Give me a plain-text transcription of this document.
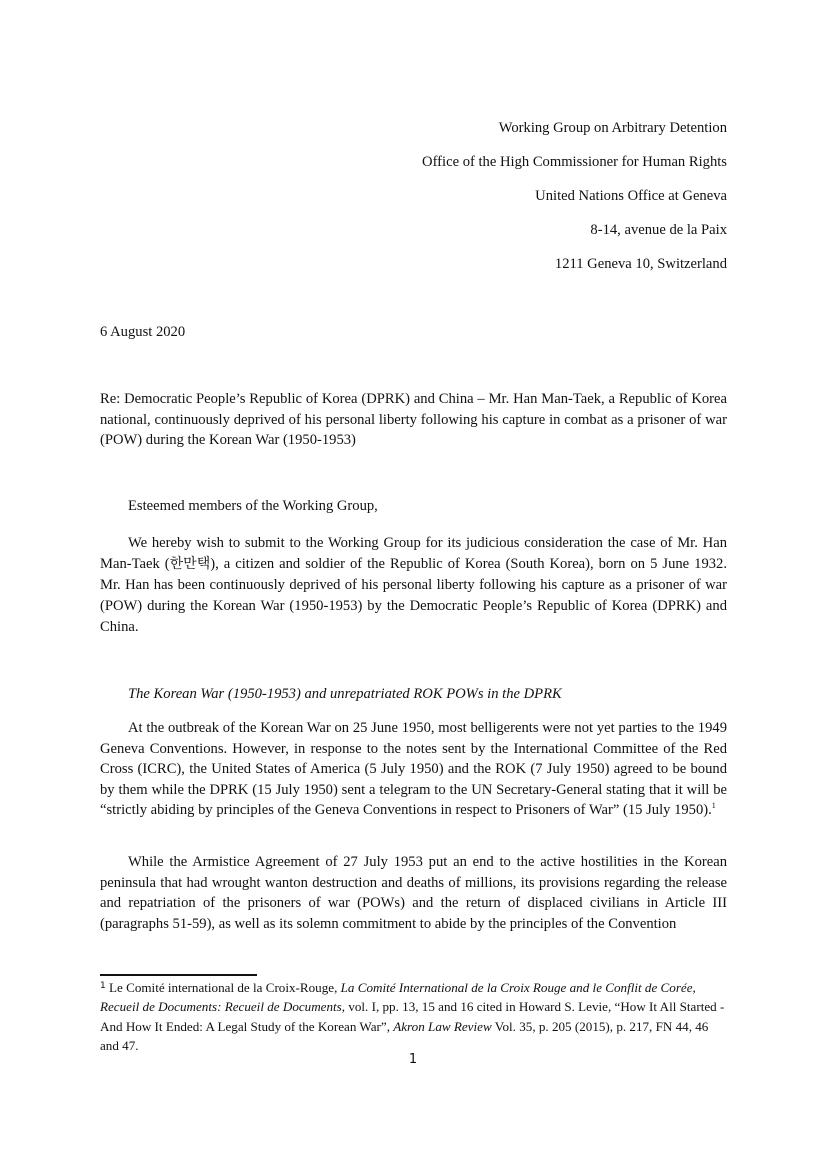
Working Group on Arbitrary Detention
Office of the High Commissioner for Human Rights
United Nations Office at Geneva
8-14, avenue de la Paix
1211 Geneva 10, Switzerland
6 August 2020
Re: Democratic People’s Republic of Korea (DPRK) and China – Mr. Han Man-Taek, a Republic of Korea national, continuously deprived of his personal liberty following his capture in combat as a prisoner of war (POW) during the Korean War (1950-1953)
Esteemed members of the Working Group,
We hereby wish to submit to the Working Group for its judicious consideration the case of Mr. Han Man-Taek (한만택), a citizen and soldier of the Republic of Korea (South Korea), born on 5 June 1932. Mr. Han has been continuously deprived of his personal liberty following his capture as a prisoner of war (POW) during the Korean War (1950-1953) by the Democratic People’s Republic of Korea (DPRK) and China.
The Korean War (1950-1953) and unrepatriated ROK POWs in the DPRK
At the outbreak of the Korean War on 25 June 1950, most belligerents were not yet parties to the 1949 Geneva Conventions. However, in response to the notes sent by the International Committee of the Red Cross (ICRC), the United States of America (5 July 1950) and the ROK (7 July 1950) agreed to be bound by them while the DPRK (15 July 1950) sent a telegram to the UN Secretary-General stating that it will be “strictly abiding by principles of the Geneva Conventions in respect to Prisoners of War” (15 July 1950).$^1$
While the Armistice Agreement of 27 July 1953 put an end to the active hostilities in the Korean peninsula that had wrought wanton destruction and deaths of millions, its provisions regarding the release and repatriation of the prisoners of war (POWs) and the return of displaced civilians in Article III (paragraphs 51-59), as well as its solemn commitment to abide by the principles of the Convention
$^1$ Le Comité international de la Croix-Rouge, La Comité International de la Croix Rouge and le Conflit de Corée, Recueil de Documents: Recueil de Documents, vol. I, pp. 13, 15 and 16 cited in Howard S. Levie, “How It All Started - And How It Ended: A Legal Study of the Korean War”, Akron Law Review Vol. 35, p. 205 (2015), p. 217, FN 44, 46 and 47.
1
